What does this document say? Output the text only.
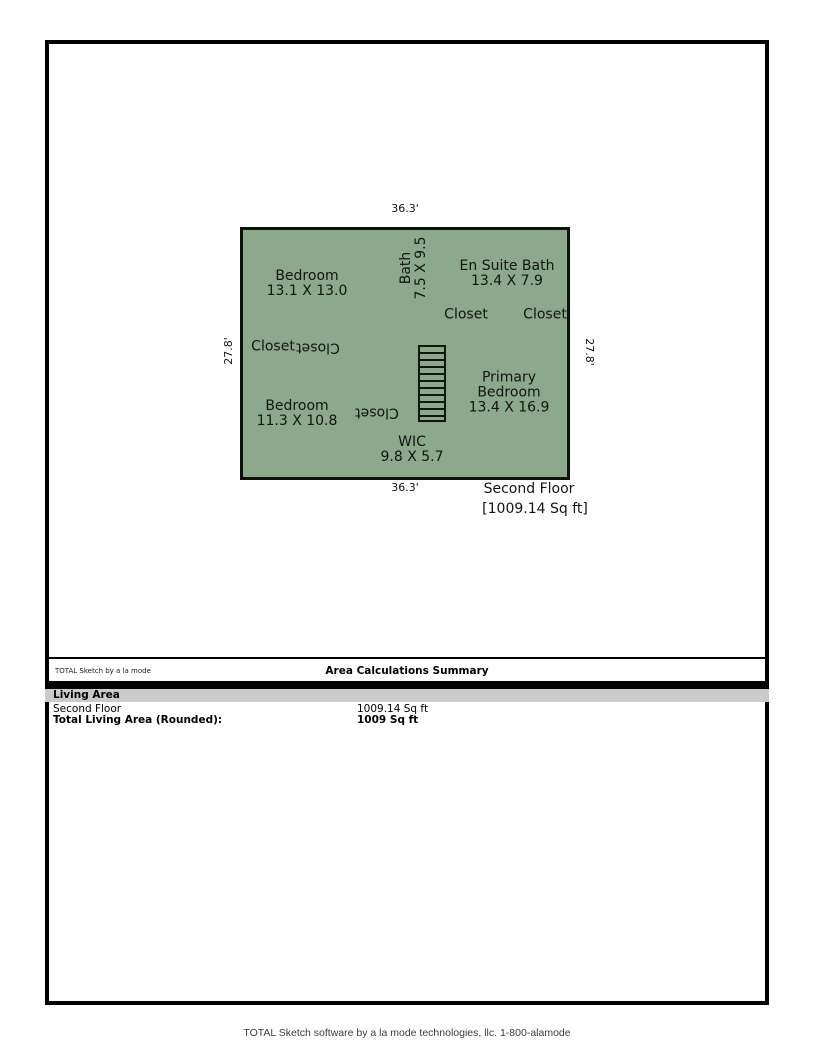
36.3'
36.3'
27.8'	27.8'
Bedroom
13.1 X 13.0
Bath 7.5 X 9.5 En Suite Bath
13.4 X 7.9
Closet	Closet
Closet Closet
Closet
Primary
Bedroom
13.4 X 16.9
Bedroom
11.3 X 10.8
WIC
9.8 X 5.7
Second Floor
[1009.14 Sq ft]
TOTAL Sketch by a la mode	Area Calculations Summary
Living Area
Second Floor	1009.14 Sq ft
Total Living Area (Rounded):	1009 Sq ft
TOTAL Sketch software by a la mode technologies, llc. 1-800-alamode
